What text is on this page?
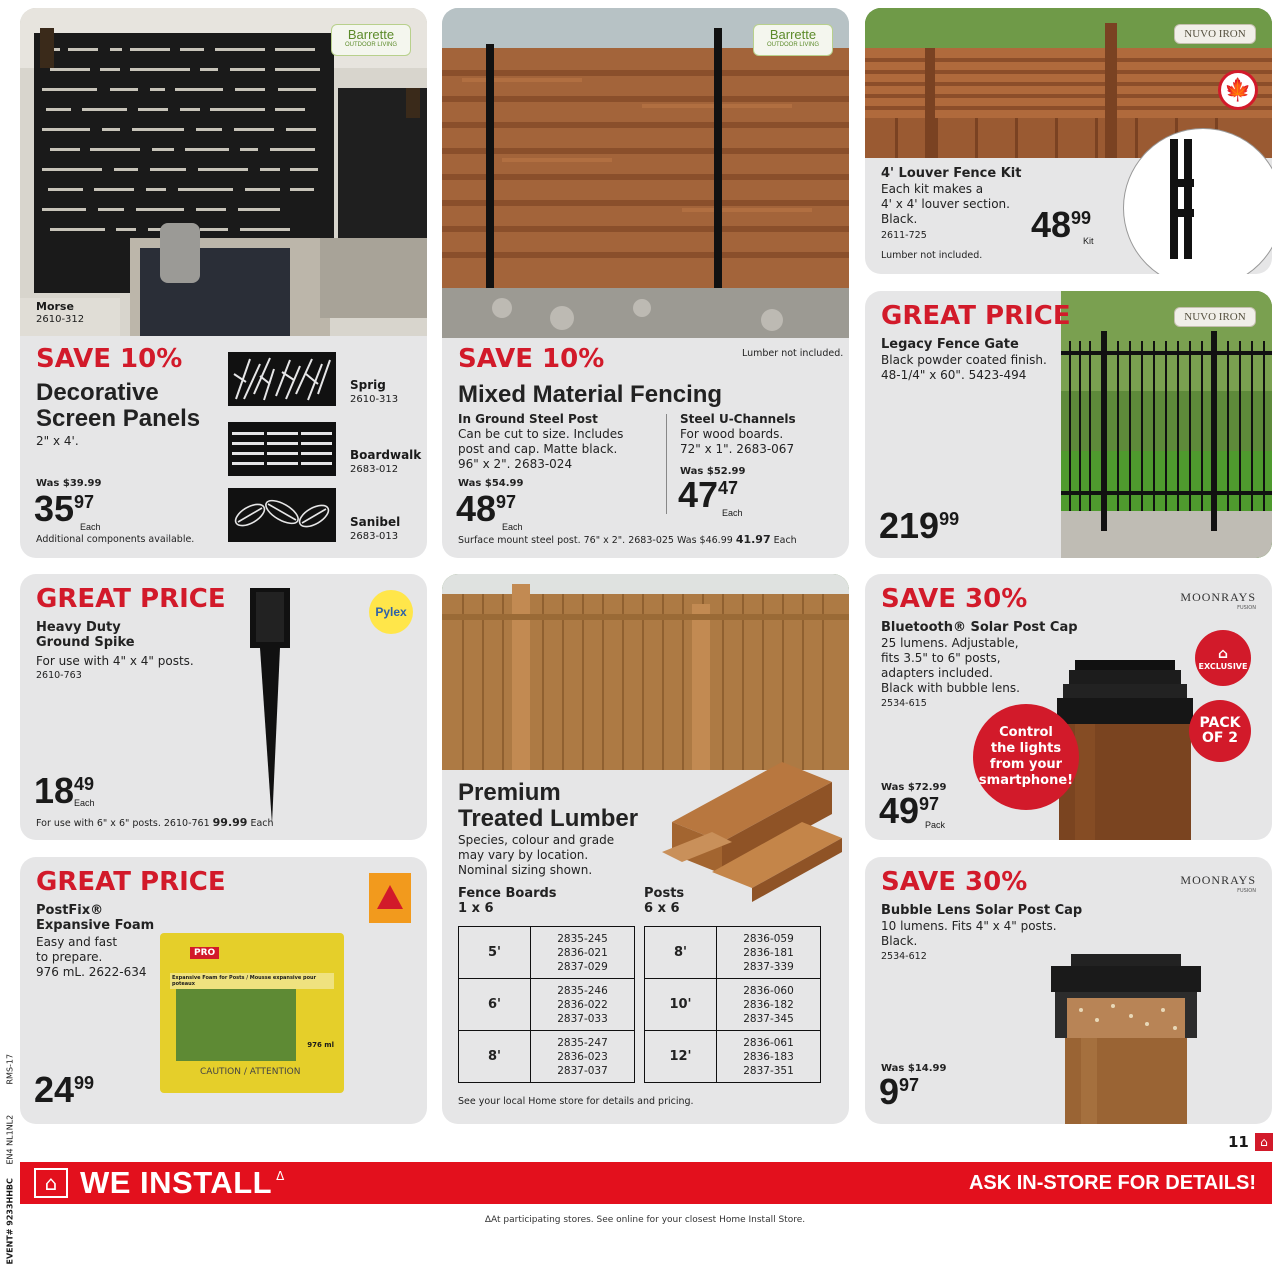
RMS-17
EN4 NL1NL2
EVENT# 9233HHBC
Barrette
OUTDOOR LIVING
Morse
2610-312
SAVE 10%
Decorative
Screen Panels
2" x 4'.
Was $39.99
3597
Each
Additional components available.
Sprig
2610-313
Boardwalk
2683-012
Sanibel
2683-013
Barrette
OUTDOOR LIVING
SAVE 10%	Lumber not included.
Mixed Material Fencing
In Ground Steel Post
Can be cut to size. Includes
post and cap. Matte black.
96" x 2". 2683-024
Was $54.99
4897
Each
Steel U-Channels
For wood boards.
72" x 1". 2683-067
Was $52.99
4747
Each
Surface mount steel post. 76" x 2". 2683-025 Was $46.99 41.97 Each
NUVO IRON
🍁
4' Louver Fence Kit
Each kit makes a
4' x 4' louver section.
Black.
2611-725	4899
Kit
Lumber not included.
NUVO IRON
GREAT PRICE
Legacy Fence Gate
Black powder coated finish.
48-1/4" x 60". 5423-494
21999
GREAT PRICE
Heavy Duty
Ground Spike
For use with 4" x 4" posts.
2610-763
Pylex
1849
Each
For use with 6" x 6" posts. 2610-761 99.99 Each
Premium
Treated Lumber
Species, colour and grade
may vary by location.
Nominal sizing shown.
Fence Boards
1 x 6
Posts
6 x 6
5'	2835-245
2836-021
2837-029

6'	2835-246
2836-022
2837-033

8'	2835-247
2836-023
2837-037
8'	2836-059
2836-181
2837-339

10'	2836-060
2836-182
2837-345

12'	2836-061
2836-183
2837-351
See your local Home store for details and pricing.
SAVE 30%	MOONRAYS
FUSION
Bluetooth® Solar Post Cap
25 lumens. Adjustable,
fits 3.5" to 6" posts,
adapters included.
Black with bubble lens.
2534-615
⌂
EXCLUSIVE
PACK
OF 2
Control
the lights
from your
smartphone!
Was $72.99
4997
Pack
GREAT PRICE
PostFix®
Expansive Foam
Easy and fast
to prepare.
976 mL. 2622-634
PRO
Expansive Foam for Posts / Mousse expansive pour poteaux
976 ml
CAUTION / ATTENTION
2499
SAVE 30%	MOONRAYS
FUSION
Bubble Lens Solar Post Cap
10 lumens. Fits 4" x 4" posts.
Black.
2534-612
Was $14.99
997
11 ⌂
⌂ WE INSTALL Δ	ASK IN-STORE FOR DETAILS!
ΔAt participating stores. See online for your closest Home Install Store.
